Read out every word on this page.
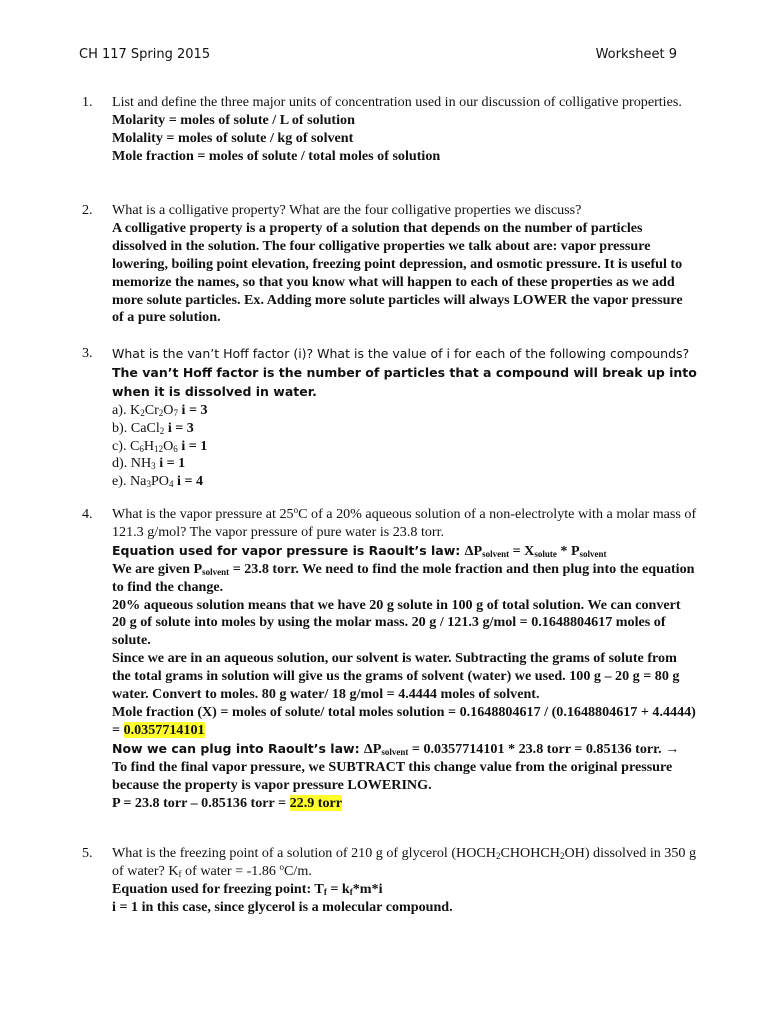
CH 117 Spring 2015	Worksheet 9
1. List and define the three major units of concentration used in our discussion of colligative properties.

Molarity = moles of solute / L of solution

Molality = moles of solute / kg of solvent

Mole fraction = moles of solute / total moles of solution

2. What is a colligative property? What are the four colligative properties we discuss?

A colligative property is a property of a solution that depends on the number of particles dissolved in the solution. The four colligative properties we talk about are: vapor pressure lowering, boiling point elevation, freezing point depression, and osmotic pressure. It is useful to memorize the names, so that you know what will happen to each of these properties as we add more solute particles. Ex. Adding more solute particles will always LOWER the vapor pressure of a pure solution.

3. What is the van’t Hoff factor (i)? What is the value of i for each of the following compounds? The van’t Hoff factor is the number of particles that a compound will break up into when it is dissolved in water.

a). $K_2Cr_2O_7$ i = 3

b). CaCl$_2$ i = 3

c). $C_6H_{12}O_6$ i = 1

d). $NH_3$ i = 1

e). $Na_3PO_4$ i = 4

4. What is the vapor pressure at 25$^o$C of a 20% aqueous solution of a non-electrolyte with a molar mass of 121.3 g/mol? The vapor pressure of pure water is 23.8 torr.

Equation used for vapor pressure is Raoult’s law: $\Delta P_{solvent} = X_{solute} * P_{solvent}$

We are given $P_{solvent} = 23.8$ torr. We need to find the mole fraction and then plug into the equation to find the change.

20% aqueous solution means that we have 20 g solute in 100 g of total solution. We can convert 20 g of solute into moles by using the molar mass. 20 g / 121.3 g/mol = 0.1648804617 moles of solute.

Since we are in an aqueous solution, our solvent is water. Subtracting the grams of solute from the total grams in solution will give us the grams of solvent (water) we used. 100 g – 20 g = 80 g water. Convert to moles. 80 g water/ 18 g/mol = 4.4444 moles of solvent.

Mole fraction (X) = moles of solute/ total moles solution = 0.1648804617 / (0.1648804617 + 4.4444) = 0.0357714101

Now we can plug into Raoult’s law: $\Delta P_{solvent} = 0.0357714101 * 23.8$ torr = 0.85136 torr. → To find the final vapor pressure, we SUBTRACT this change value from the original pressure because the property is vapor pressure LOWERING.

P = 23.8 torr – 0.85136 torr = 22.9 torr

5. What is the freezing point of a solution of 210 g of glycerol $(HOCH_2CHOHCH_2OH)$ dissolved in 350 g of water? $K_f$ of water = -1.86 $^o$C/m.

Equation used for freezing point: $T_f = k_f*m*i$

i = 1 in this case, since glycerol is a molecular compound.
